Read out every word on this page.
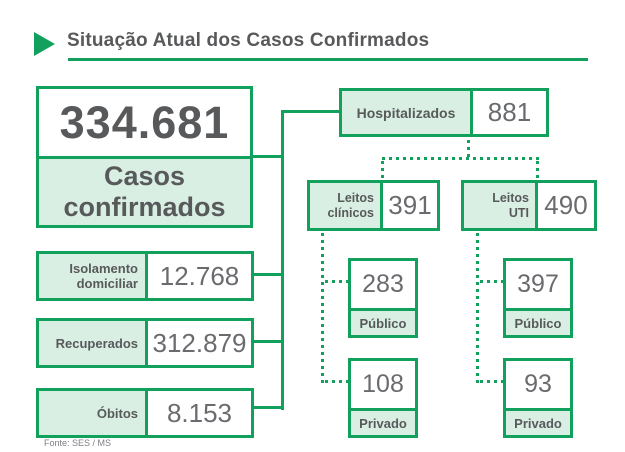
Situação Atual dos Casos Confirmados
334.681
Casos
confirmados
Isolamento
domiciliar 12.768
Recuperados 312.879
Óbitos	8.153
Hospitalizados	881
Leitos
clínicos 391	Leitos
UTI 490
283
Público
108
Privado
397
Público
93
Privado
Fonte: SES / MS
